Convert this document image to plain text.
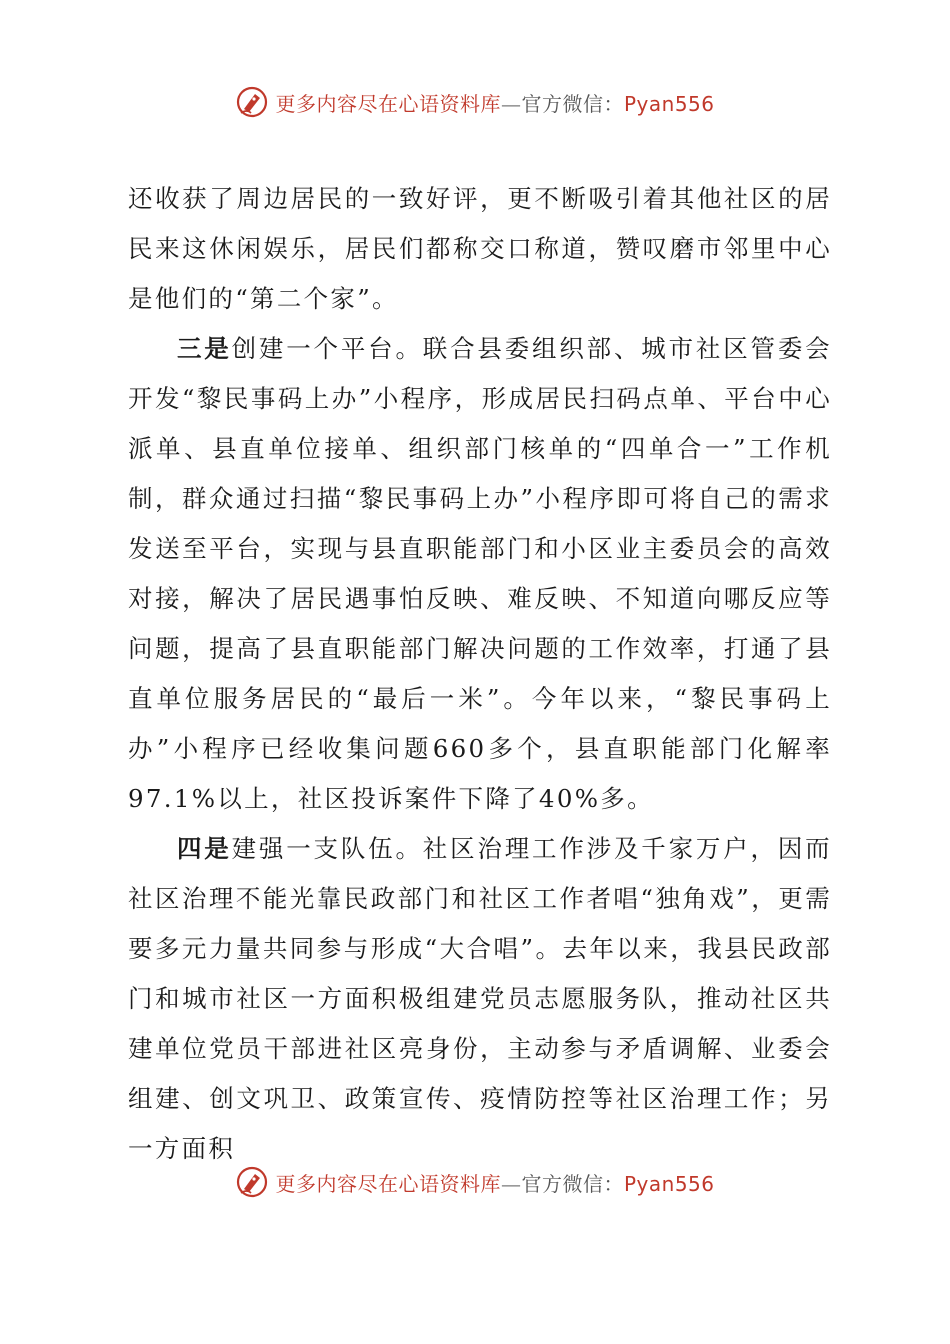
更多内容尽在心语资料库—官方微信：Pyan556

还收获了周边居民的一致好评，更不断吸引着其他社区的居民来这休闲娱乐，居民们都称交口称道，赞叹磨市邻里中心是他们的“第二个家”。

三是创建一个平台。联合县委组织部、城市社区管委会开发“黎民事码上办”小程序，形成居民扫码点单、平台中心派单、县直单位接单、组织部门核单的“四单合一”工作机制，群众通过扫描“黎民事码上办”小程序即可将自己的需求发送至平台，实现与县直职能部门和小区业主委员会的高效对接，解决了居民遇事怕反映、难反映、不知道向哪反应等问题，提高了县直职能部门解决问题的工作效率，打通了县直单位服务居民的“最后一米”。今年以来，“黎民事码上办”小程序已经收集问题660多个，县直职能部门化解率97.1%以上，社区投诉案件下降了40%多。

四是建强一支队伍。社区治理工作涉及千家万户，因而社区治理不能光靠民政部门和社区工作者唱“独角戏”，更需要多元力量共同参与形成“大合唱”。去年以来，我县民政部门和城市社区一方面积极组建党员志愿服务队，推动社区共建单位党员干部进社区亮身份，主动参与矛盾调解、业委会组建、创文巩卫、政策宣传、疫情防控等社区治理工作；另一方面积

更多内容尽在心语资料库—官方微信：Pyan556
